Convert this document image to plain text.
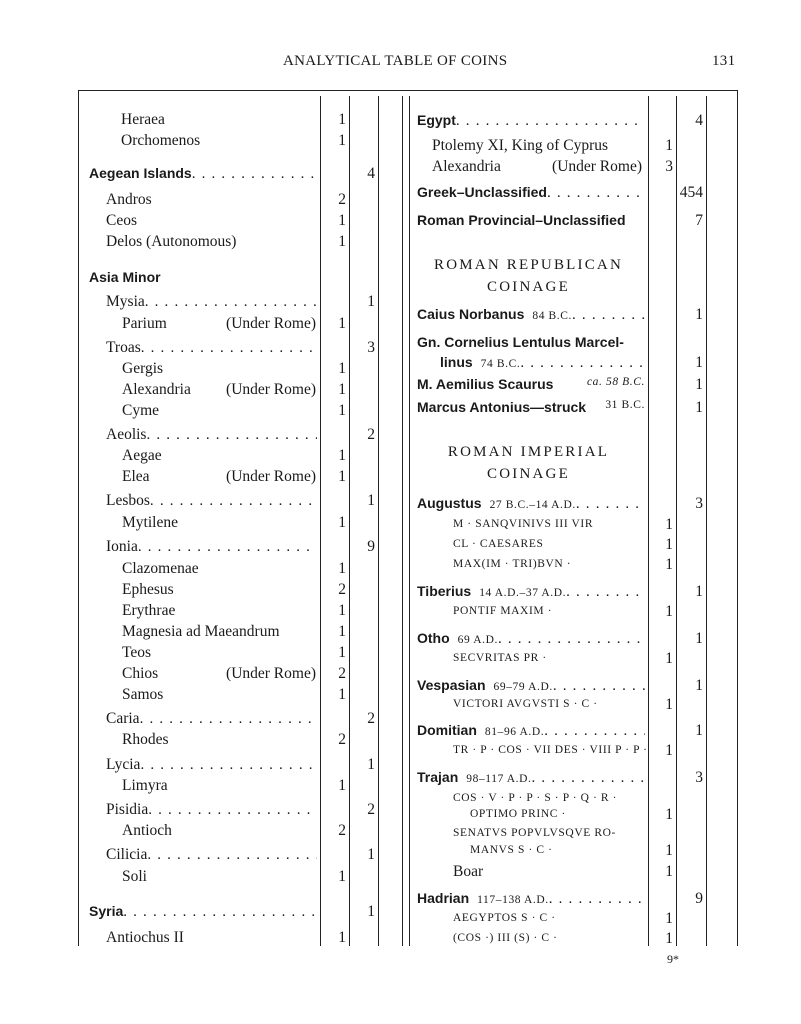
ANALYTICAL TABLE OF COINS	131
Heraea	1
Orchomenos	1
Aegean Islands . . .	4
Andros	2
Ceos	1
Delos (Autonomous)	1
Asia Minor
Mysia . . .	1
Parium	(Under Rome)	1
Troas . . .	3
Gergis	1
Alexandria (Under Rome)	1
Cyme	1
Aeolis . . .	2
Aegae	1
Elea	(Under Rome)	1
Lesbos . . .	1
Mytilene	1
Ionia . . .	9
Clazomenae	1
Ephesus	2
Erythrae	1
Magnesia ad Maeandrum	1
Teos	1
Chios	(Under Rome)	2
Samos	1
Caria . . .	2
Rhodes	2
Lycia . . .	1
Limyra	1
Pisidia . . .	2
Antioch	2
Cilicia . . .	1
Soli	1
Syria . . .	1
Antiochus II	1
Egypt . . .	4
Ptolemy XI, King of Cyprus	1
Alexandria	(Under Rome)	3
Greek–Unclassified . . .	454
Roman Provincial–Unclassified	7
ROMAN REPUBLICAN
COINAGE
Caius Norbanus 84 B.C. . . .	1
Gn. Cornelius Lentulus Marcel-
linus 74 B.C. . . .	1
M. Aemilius Scaurus	ca. 58 B.C.	1
Marcus Antonius—struck 31 B.C.	1
ROMAN IMPERIAL
COINAGE
Augustus 27 B.C.–14 A.D. . . .	3
M · SANQVINIVS III VIR	1
CL · CAESARES	1
MAX(IM · TRI)BVN ·	1
Tiberius 14 A.D.–37 A.D. . . .	1
PONTIF MAXIM ·	1
Otho 69 A.D. . . .	1
SECVRITAS PR ·	1
Vespasian 69–79 A.D. . . .	1
VICTORI AVGVSTI S · C ·	1
Domitian 81–96 A.D. . . .	1
TR · P · COS · VII DES · VIII P · P ·	1
Trajan 98–117 A.D. . . .	3
COS · V · P · P · S · P · Q · R ·
OPTIMO PRINC ·	1
SENATVS POPVLVSQVE RO-
MANVS S · C ·	1
Boar	1
Hadrian 117–138 A.D. . . .	9
AEGYPTOS S · C ·	1
(COS ·) III (S) · C ·	1
9*
